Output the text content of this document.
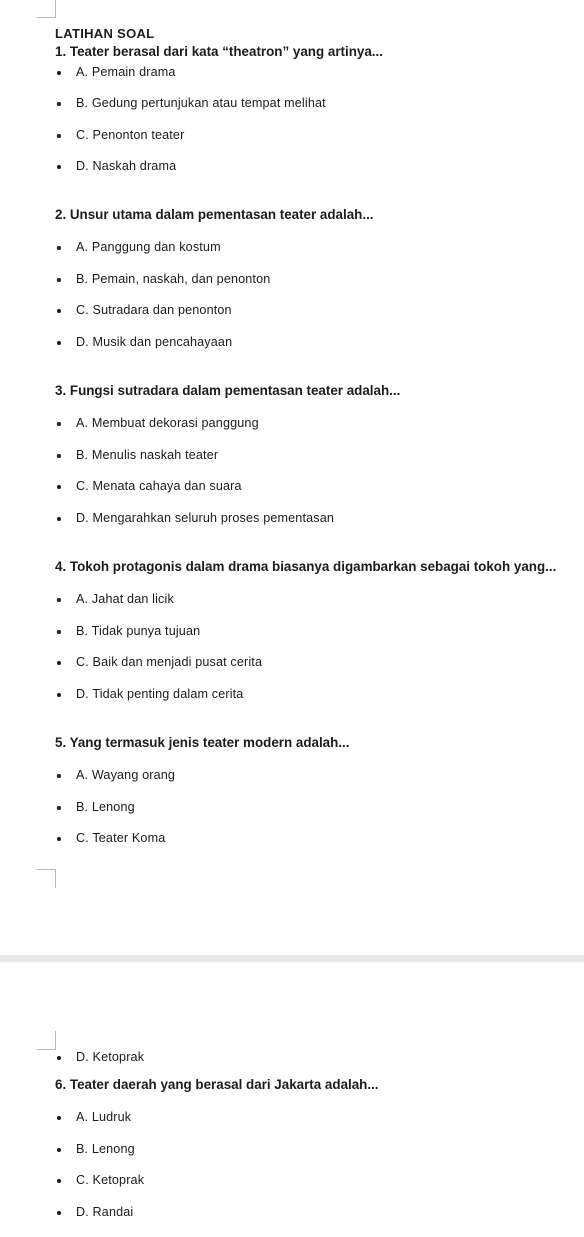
LATIHAN SOAL
1. Teater berasal dari kata “theatron” yang artinya...
A. Pemain drama
B. Gedung pertunjukan atau tempat melihat
C. Penonton teater
D. Naskah drama
2. Unsur utama dalam pementasan teater adalah...
A. Panggung dan kostum
B. Pemain, naskah, dan penonton
C. Sutradara dan penonton
D. Musik dan pencahayaan
3. Fungsi sutradara dalam pementasan teater adalah...
A. Membuat dekorasi panggung
B. Menulis naskah teater
C. Menata cahaya dan suara
D. Mengarahkan seluruh proses pementasan
4. Tokoh protagonis dalam drama biasanya digambarkan sebagai tokoh yang...
A. Jahat dan licik
B. Tidak punya tujuan
C. Baik dan menjadi pusat cerita
D. Tidak penting dalam cerita
5. Yang termasuk jenis teater modern adalah...
A. Wayang orang
B. Lenong
C. Teater Koma
D. Ketoprak
6. Teater daerah yang berasal dari Jakarta adalah...
A. Ludruk
B. Lenong
C. Ketoprak
D. Randai
